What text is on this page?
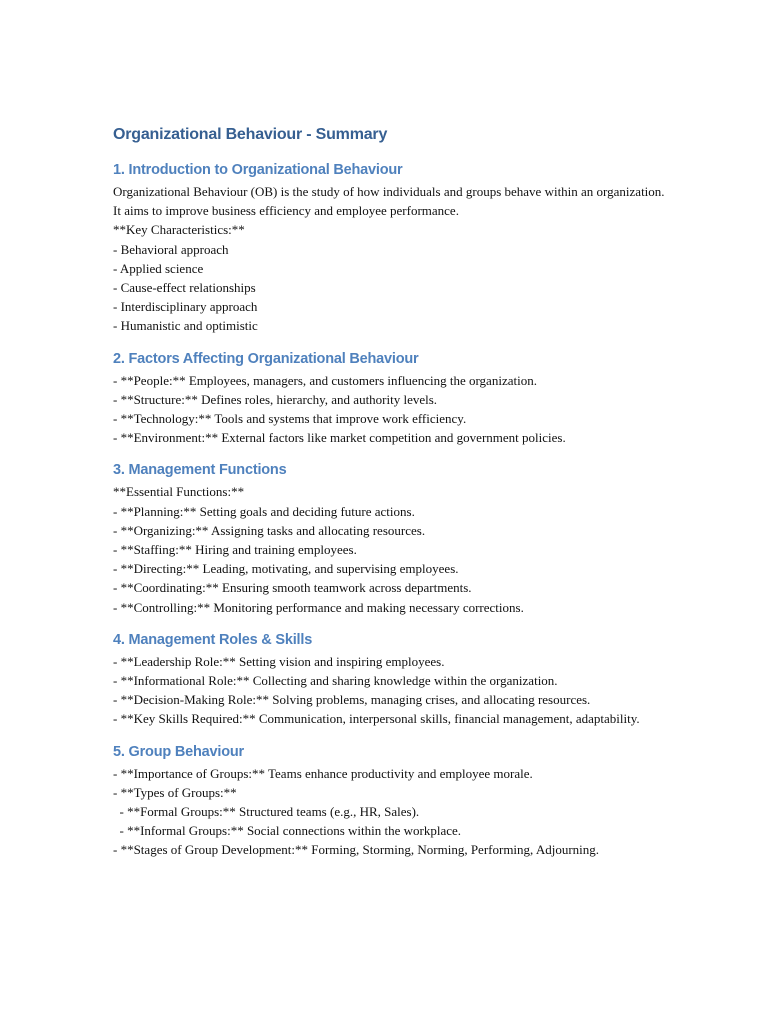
Organizational Behaviour - Summary
1. Introduction to Organizational Behaviour

Organizational Behaviour (OB) is the study of how individuals and groups behave within an organization. It aims to improve business efficiency and employee performance.

**Key Characteristics:**
- Behavioral approach
- Applied science
- Cause-effect relationships
- Interdisciplinary approach
- Humanistic and optimistic
2. Factors Affecting Organizational Behaviour
- **People:** Employees, managers, and customers influencing the organization.
- **Structure:** Defines roles, hierarchy, and authority levels.
- **Technology:** Tools and systems that improve work efficiency.
- **Environment:** External factors like market competition and government policies.
3. Management Functions
**Essential Functions:**
- **Planning:** Setting goals and deciding future actions.
- **Organizing:** Assigning tasks and allocating resources.
- **Staffing:** Hiring and training employees.
- **Directing:** Leading, motivating, and supervising employees.
- **Coordinating:** Ensuring smooth teamwork across departments.
- **Controlling:** Monitoring performance and making necessary corrections.
4. Management Roles & Skills
- **Leadership Role:** Setting vision and inspiring employees.
- **Informational Role:** Collecting and sharing knowledge within the organization.
- **Decision-Making Role:** Solving problems, managing crises, and allocating resources.

- **Key Skills Required:** Communication, interpersonal skills, financial management, adaptability.

5. Group Behaviour
- **Importance of Groups:** Teams enhance productivity and employee morale.
- **Types of Groups:**
- **Formal Groups:** Structured teams (e.g., HR, Sales).
- **Informal Groups:** Social connections within the workplace.
- **Stages of Group Development:** Forming, Storming, Norming, Performing, Adjourning.
